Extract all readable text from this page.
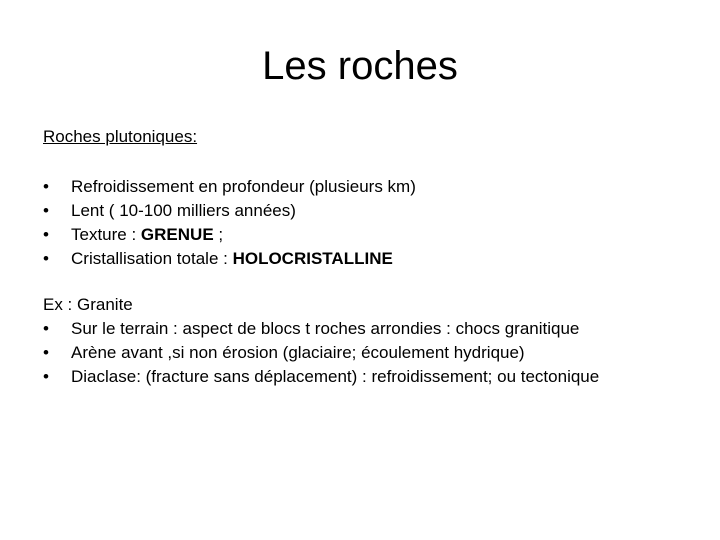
Les roches
Roches plutoniques:
•	Refroidissement en profondeur (plusieurs km)
•	Lent ( 10-100 milliers années)
•	Texture : GRENUE ;
•	Cristallisation totale : HOLOCRISTALLINE
Ex : Granite
•	Sur le terrain : aspect de blocs t roches arrondies : chocs granitique
•	Arène avant ,si non érosion (glaciaire; écoulement hydrique)
•	Diaclase: (fracture sans déplacement) : refroidissement; ou tectonique
